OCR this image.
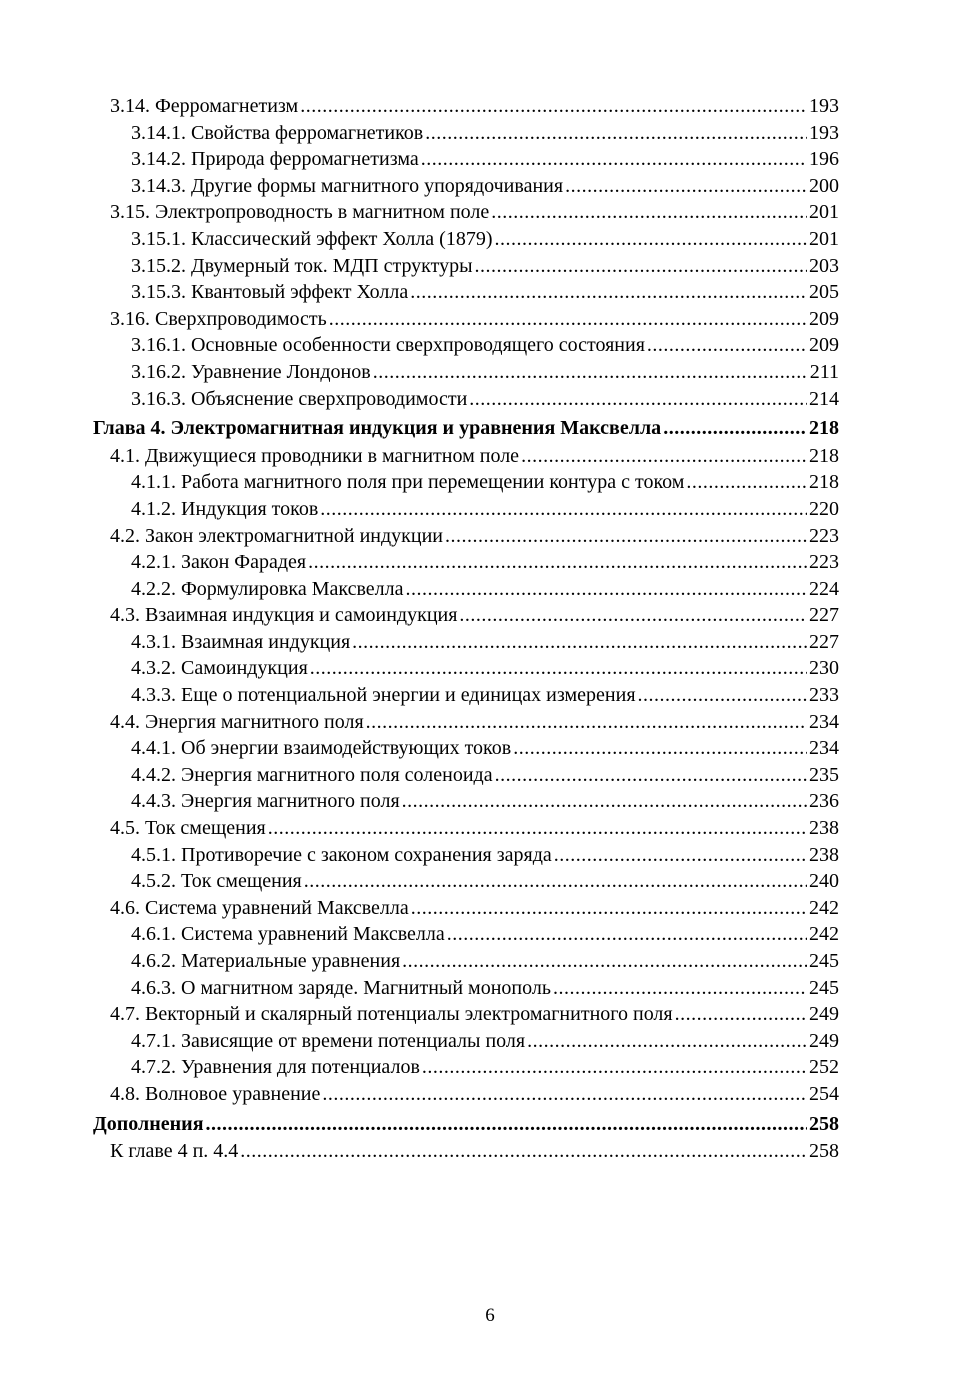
3.14. Ферромагнетизм .....	193
3.14.1. Свойства ферромагнетиков .....	193
3.14.2. Природа ферромагнетизма .....	196
3.14.3. Другие формы магнитного упорядочивания .....	200
3.15. Электропроводность в магнитном поле .....	201
3.15.1. Классический эффект Холла (1879) .....	201
3.15.2. Двумерный ток. МДП структуры .....	203
3.15.3. Квантовый эффект Холла .....	205
3.16. Сверхпроводимость .....	209
3.16.1. Основные особенности сверхпроводящего состояния .....	209
3.16.2. Уравнение Лондонов .....	211
3.16.3. Объяснение сверхпроводимости .....	214
Глава 4. Электромагнитная индукция и уравнения Максвелла .....	218
4.1. Движущиеся проводники в магнитном поле .....	218
4.1.1. Работа магнитного поля при перемещении контура с током .....	218
4.1.2. Индукция токов .....	220
4.2. Закон электромагнитной индукции .....	223
4.2.1. Закон Фарадея .....	223
4.2.2. Формулировка Максвелла .....	224
4.3. Взаимная индукция и самоиндукция .....	227
4.3.1. Взаимная индукция .....	227
4.3.2. Самоиндукция .....	230
4.3.3. Еще о потенциальной энергии и единицах измерения .....	233
4.4. Энергия магнитного поля .....	234
4.4.1. Об энергии взаимодействующих токов .....	234
4.4.2. Энергия магнитного поля соленоида .....	235
4.4.3. Энергия магнитного поля .....	236
4.5. Ток смещения .....	238
4.5.1. Противоречие с законом сохранения заряда .....	238
4.5.2. Ток смещения .....	240
4.6. Система уравнений Максвелла .....	242
4.6.1. Система уравнений Максвелла .....	242
4.6.2. Материальные уравнения .....	245
4.6.3. О магнитном заряде. Магнитный монополь .....	245
4.7. Векторный и скалярный потенциалы электромагнитного поля .....	249
4.7.1. Зависящие от времени потенциалы поля .....	249
4.7.2. Уравнения для потенциалов .....	252
4.8. Волновое уравнение .....	254
Дополнения .....	258
К главе 4 п. 4.4 .....	258
6
